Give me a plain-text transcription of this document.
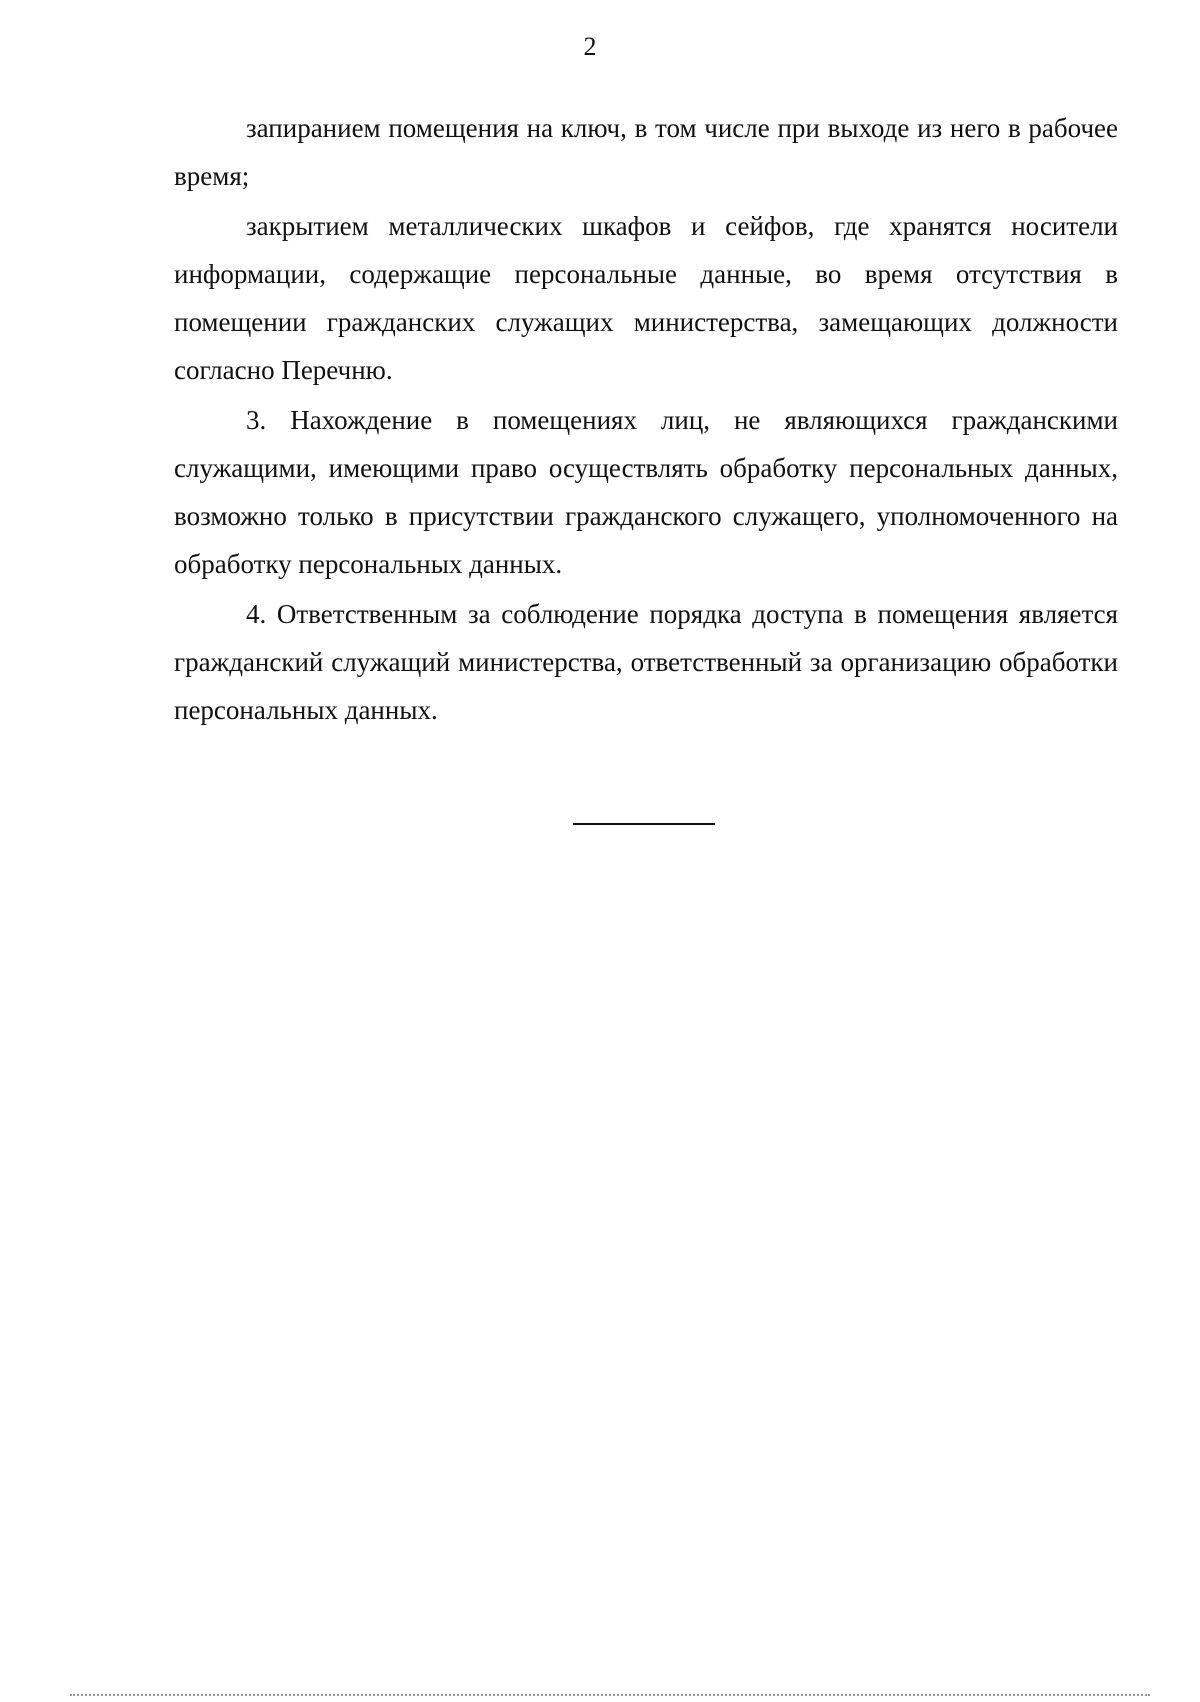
2

запиранием помещения на ключ, в том числе при выходе из него в рабочее время;

закрытием металлических шкафов и сейфов, где хранятся носители информации, содержащие персональные данные, во время отсутствия в помещении гражданских служащих министерства, замещающих должности согласно Перечню.

3. Нахождение в помещениях лиц, не являющихся гражданскими служащими, имеющими право осуществлять обработку персональных данных, возможно только в присутствии гражданского служащего, уполномоченного на обработку персональных данных.

4. Ответственным за соблюдение порядка доступа в помещения является гражданский служащий министерства, ответственный за организацию обработки персональных данных.
